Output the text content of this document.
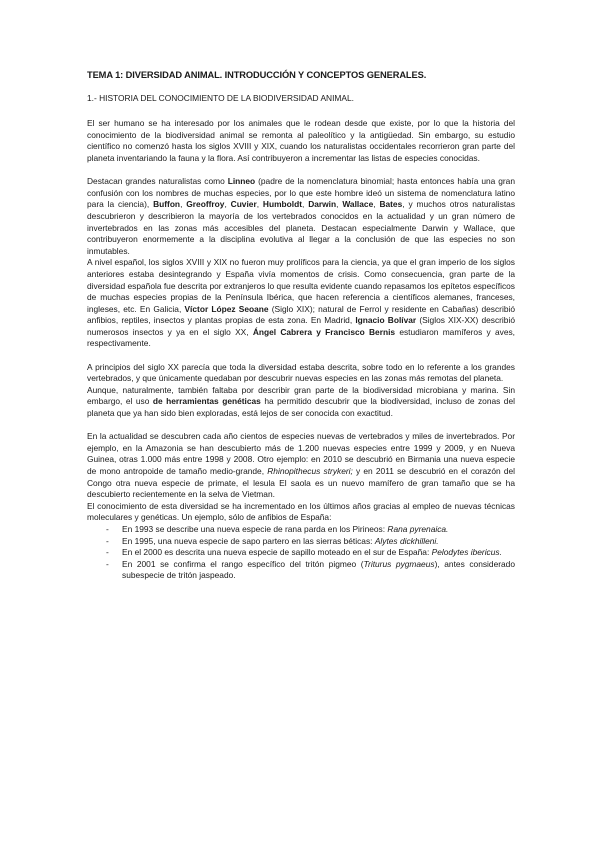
TEMA 1: DIVERSIDAD ANIMAL. INTRODUCCIÓN Y CONCEPTOS GENERALES.
1.- HISTORIA DEL CONOCIMIENTO DE LA BIODIVERSIDAD ANIMAL.

El ser humano se ha interesado por los animales que le rodean desde que existe, por lo que la historia del conocimiento de la biodiversidad animal se remonta al paleolítico y la antigüedad. Sin embargo, su estudio científico no comenzó hasta los siglos XVIII y XIX, cuando los naturalistas occidentales recorrieron gran parte del planeta inventariando la fauna y la flora. Así contribuyeron a incrementar las listas de especies conocidas.

Destacan grandes naturalistas como Linneo (padre de la nomenclatura binomial; hasta entonces había una gran confusión con los nombres de muchas especies, por lo que este hombre ideó un sistema de nomenclatura latino para la ciencia), Buffon, Greoffroy, Cuvier, Humboldt, Darwin, Wallace, Bates, y muchos otros naturalistas descubrieron y describieron la mayoría de los vertebrados conocidos en la actualidad y un gran número de invertebrados en las zonas más accesibles del planeta. Destacan especialmente Darwin y Wallace, que contribuyeron enormemente a la disciplina evolutiva al llegar a la conclusión de que las especies no son inmutables.

A nivel español, los siglos XVIII y XIX no fueron muy prolíficos para la ciencia, ya que el gran imperio de los siglos anteriores estaba desintegrando y España vivía momentos de crisis. Como consecuencia, gran parte de la diversidad española fue descrita por extranjeros lo que resulta evidente cuando repasamos los epítetos específicos de muchas especies propias de la Península Ibérica, que hacen referencia a científicos alemanes, franceses, ingleses, etc. En Galicia, Víctor López Seoane (Siglo XIX); natural de Ferrol y residente en Cabañas) describió anfibios, reptiles, insectos y plantas propias de esta zona. En Madrid, Ignacio Bolívar (Siglos XIX-XX) describió numerosos insectos y ya en el siglo XX, Ángel Cabrera y Francisco Bernis estudiaron mamíferos y aves, respectivamente.

A principios del siglo XX parecía que toda la diversidad estaba descrita, sobre todo en lo referente a los grandes vertebrados, y que únicamente quedaban por descubrir nuevas especies en las zonas más remotas del planeta.

Aunque, naturalmente, también faltaba por describir gran parte de la biodiversidad microbiana y marina. Sin embargo, el uso de herramientas genéticas ha permitido descubrir que la biodiversidad, incluso de zonas del planeta que ya han sido bien exploradas, está lejos de ser conocida con exactitud.

En la actualidad se descubren cada año cientos de especies nuevas de vertebrados y miles de invertebrados. Por ejemplo, en la Amazonia se han descubierto más de 1.200 nuevas especies entre 1999 y 2009, y en Nueva Guinea, otras 1.000 más entre 1998 y 2008. Otro ejemplo: en 2010 se descubrió en Birmania una nueva especie de mono antropoide de tamaño medio-grande, Rhinopithecus strykeri; y en 2011 se descubrió en el corazón del Congo otra nueva especie de primate, el lesula El saola es un nuevo mamífero de gran tamaño que se ha descubierto recientemente en la selva de Vietman.

El conocimiento de esta diversidad se ha incrementado en los últimos años gracias al empleo de nuevas técnicas moleculares y genéticas. Un ejemplo, sólo de anfibios de España:

- En 1993 se describe una nueva especie de rana parda en los Pirineos: Rana pyrenaica.
- En 1995, una nueva especie de sapo partero en las sierras béticas: Alytes dickhilleni.
- En el 2000 es descrita una nueva especie de sapillo moteado en el sur de España: Pelodytes ibericus.
- En 2001 se confirma el rango específico del tritón pigmeo (Triturus pygmaeus), antes considerado subespecie de tritón jaspeado.
